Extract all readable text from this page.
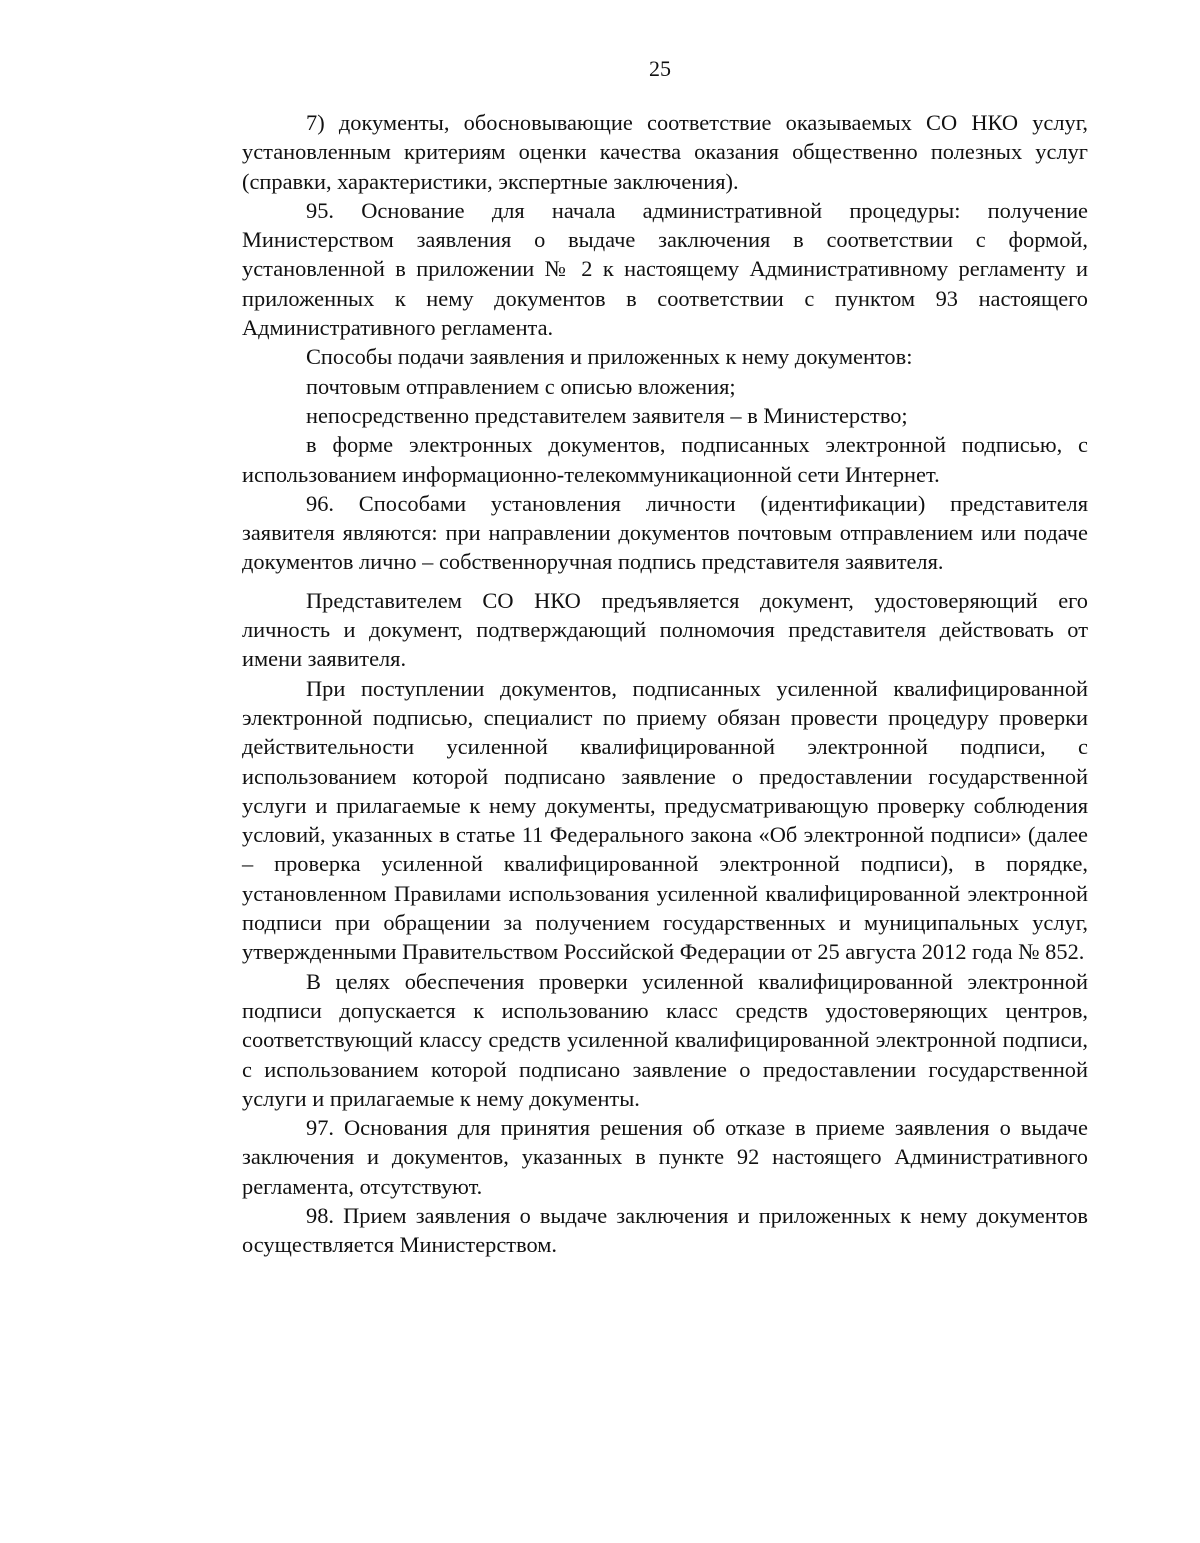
25

7) документы, обосновывающие соответствие оказываемых СО НКО услуг, установленным критериям оценки качества оказания общественно полезных услуг (справки, характеристики, экспертные заключения).

95. Основание для начала административной процедуры: получение Министерством заявления о выдаче заключения в соответствии с формой, установленной в приложении № 2 к настоящему Административному регламенту и приложенных к нему документов в соответствии с пунктом 93 настоящего Административного регламента.

Способы подачи заявления и приложенных к нему документов:

почтовым отправлением с описью вложения;

непосредственно представителем заявителя – в Министерство;

в форме электронных документов, подписанных электронной подписью, с использованием информационно-телекоммуникационной сети Интернет.

96. Способами установления личности (идентификации) представителя заявителя являются: при направлении документов почтовым отправлением или подаче документов лично – собственноручная подпись представителя заявителя.

Представителем СО НКО предъявляется документ, удостоверяющий его личность и документ, подтверждающий полномочия представителя действовать от имени заявителя.

При поступлении документов, подписанных усиленной квалифицированной электронной подписью, специалист по приему обязан провести процедуру проверки действительности усиленной квалифицированной электронной подписи, с использованием которой подписано заявление о предоставлении государственной услуги и прилагаемые к нему документы, предусматривающую проверку соблюдения условий, указанных в статье 11 Федерального закона «Об электронной подписи» (далее – проверка усиленной квалифицированной электронной подписи), в порядке, установленном Правилами использования усиленной квалифицированной электронной подписи при обращении за получением государственных и муниципальных услуг, утвержденными Правительством Российской Федерации от 25 августа 2012 года № 852.

В целях обеспечения проверки усиленной квалифицированной электронной подписи допускается к использованию класс средств удостоверяющих центров, соответствующий классу средств усиленной квалифицированной электронной подписи, с использованием которой подписано заявление о предоставлении государственной услуги и прилагаемые к нему документы.

97. Основания для принятия решения об отказе в приеме заявления о выдаче заключения и документов, указанных в пункте 92 настоящего Административного регламента, отсутствуют.

98. Прием заявления о выдаче заключения и приложенных к нему документов осуществляется Министерством.
